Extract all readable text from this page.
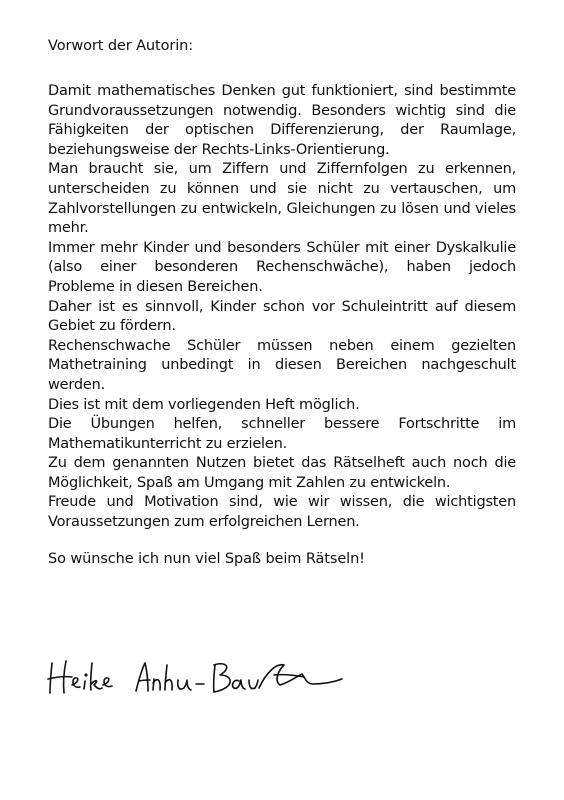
Vorwort der Autorin:

Damit mathematisches Denken gut funktioniert, sind bestimmte Grundvoraussetzungen notwendig. Besonders wichtig sind die Fähigkeiten der optischen Differenzierung, der Raumlage, beziehungsweise der Rechts-Links-Orientierung.

Man braucht sie, um Ziffern und Ziffernfolgen zu erkennen, unterscheiden zu können und sie nicht zu vertauschen, um Zahlvorstellungen zu entwickeln, Gleichungen zu lösen und vieles mehr.

Immer mehr Kinder und besonders Schüler mit einer Dyskalkulie (also einer besonderen Rechenschwäche), haben jedoch Probleme in diesen Bereichen.

Daher ist es sinnvoll, Kinder schon vor Schuleintritt auf diesem Gebiet zu fördern.

Rechenschwache Schüler müssen neben einem gezielten Mathetraining unbedingt in diesen Bereichen nachgeschult werden.

Dies ist mit dem vorliegenden Heft möglich.

Die Übungen helfen, schneller bessere Fortschritte im Mathematikunterricht zu erzielen.

Zu dem genannten Nutzen bietet das Rätselheft auch noch die Möglichkeit, Spaß am Umgang mit Zahlen zu entwickeln.

Freude und Motivation sind, wie wir wissen, die wichtigsten Voraussetzungen zum erfolgreichen Lernen.

So wünsche ich nun viel Spaß beim Rätseln!
